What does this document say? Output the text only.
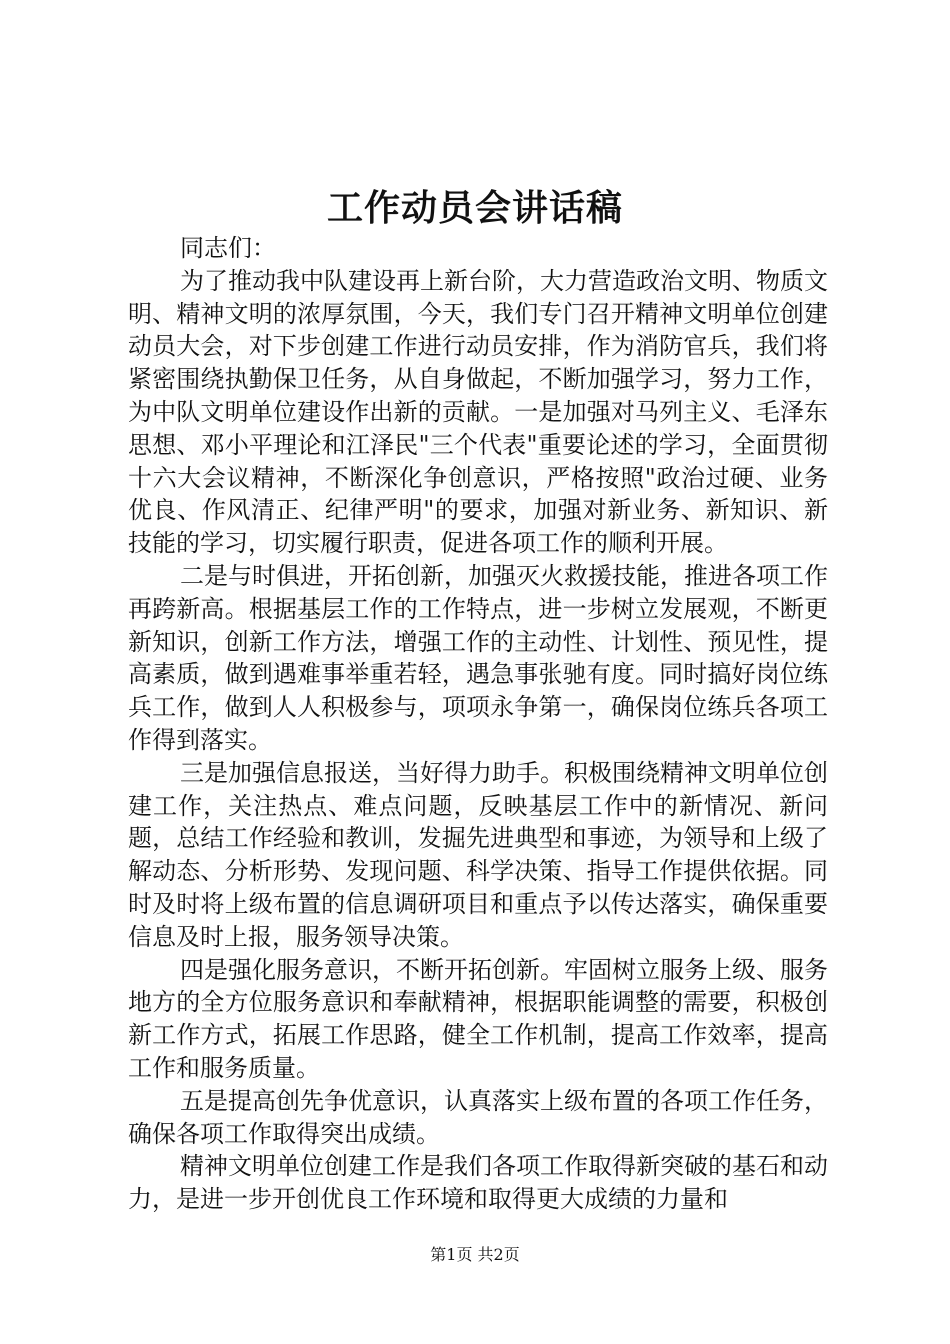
工作动员会讲话稿

同志们：

为了推动我中队建设再上新台阶，大力营造政治文明、物质文明、精神文明的浓厚氛围，今天，我们专门召开精神文明单位创建动员大会，对下步创建工作进行动员安排，作为消防官兵，我们将紧密围绕执勤保卫任务，从自身做起，不断加强学习，努力工作，为中队文明单位建设作出新的贡献。一是加强对马列主义、毛泽东思想、邓小平理论和江泽民"三个代表"重要论述的学习，全面贯彻十六大会议精神，不断深化争创意识，严格按照"政治过硬、业务优良、作风清正、纪律严明"的要求，加强对新业务、新知识、新技能的学习，切实履行职责，促进各项工作的顺利开展。

二是与时俱进，开拓创新，加强灭火救援技能，推进各项工作再跨新高。根据基层工作的工作特点，进一步树立发展观，不断更新知识，创新工作方法，增强工作的主动性、计划性、预见性，提高素质，做到遇难事举重若轻，遇急事张驰有度。同时搞好岗位练兵工作，做到人人积极参与，项项永争第一，确保岗位练兵各项工作得到落实。

三是加强信息报送，当好得力助手。积极围绕精神文明单位创建工作，关注热点、难点问题，反映基层工作中的新情况、新问题，总结工作经验和教训，发掘先进典型和事迹，为领导和上级了解动态、分析形势、发现问题、科学决策、指导工作提供依据。同时及时将上级布置的信息调研项目和重点予以传达落实，确保重要信息及时上报，服务领导决策。

四是强化服务意识，不断开拓创新。牢固树立服务上级、服务地方的全方位服务意识和奉献精神，根据职能调整的需要，积极创新工作方式，拓展工作思路，健全工作机制，提高工作效率，提高工作和服务质量。

五是提高创先争优意识，认真落实上级布置的各项工作任务，确保各项工作取得突出成绩。

精神文明单位创建工作是我们各项工作取得新突破的基石和动力，是进一步开创优良工作环境和取得更大成绩的力量和

第1页 共2页
